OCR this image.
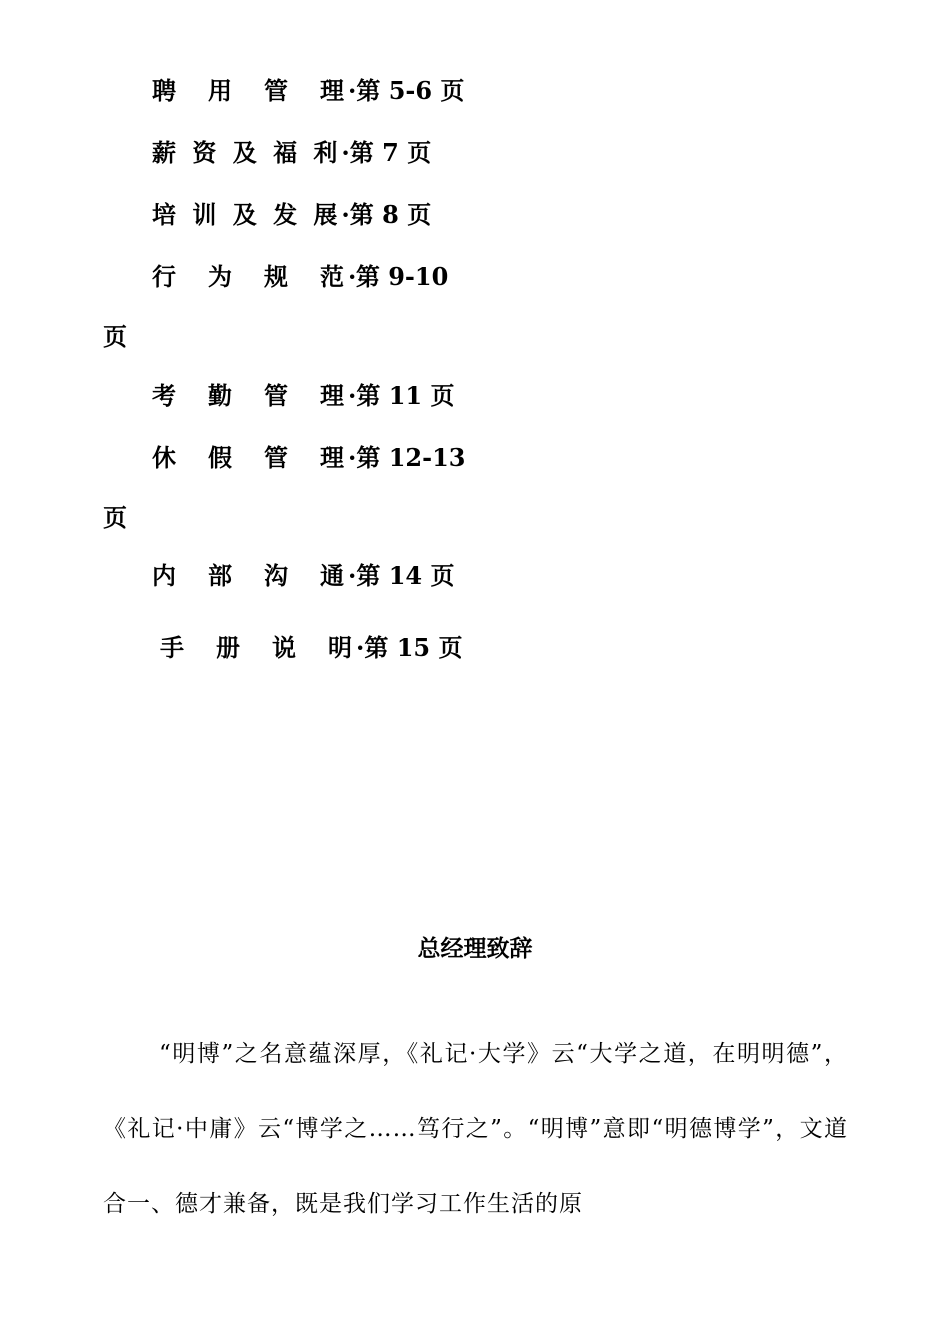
聘　用　管　理·第 5-6 页
薪 资 及 福 利·第 7 页
培 训 及 发 展·第 8 页
行　为　规　范·第 9-10
页
考　勤　管　理·第 11 页
休　假　管　理·第 12-13
页
内　部　沟　通·第 14 页
手　册　说　明·第 15 页
总经理致辞
“明博”之名意蕴深厚，《礼记·大学》云“大学之道，在明明德”，《礼记·中庸》云“博学之……笃行之”。“明博”意即“明德博学”，文道合一、德才兼备，既是我们学习工作生活的原
